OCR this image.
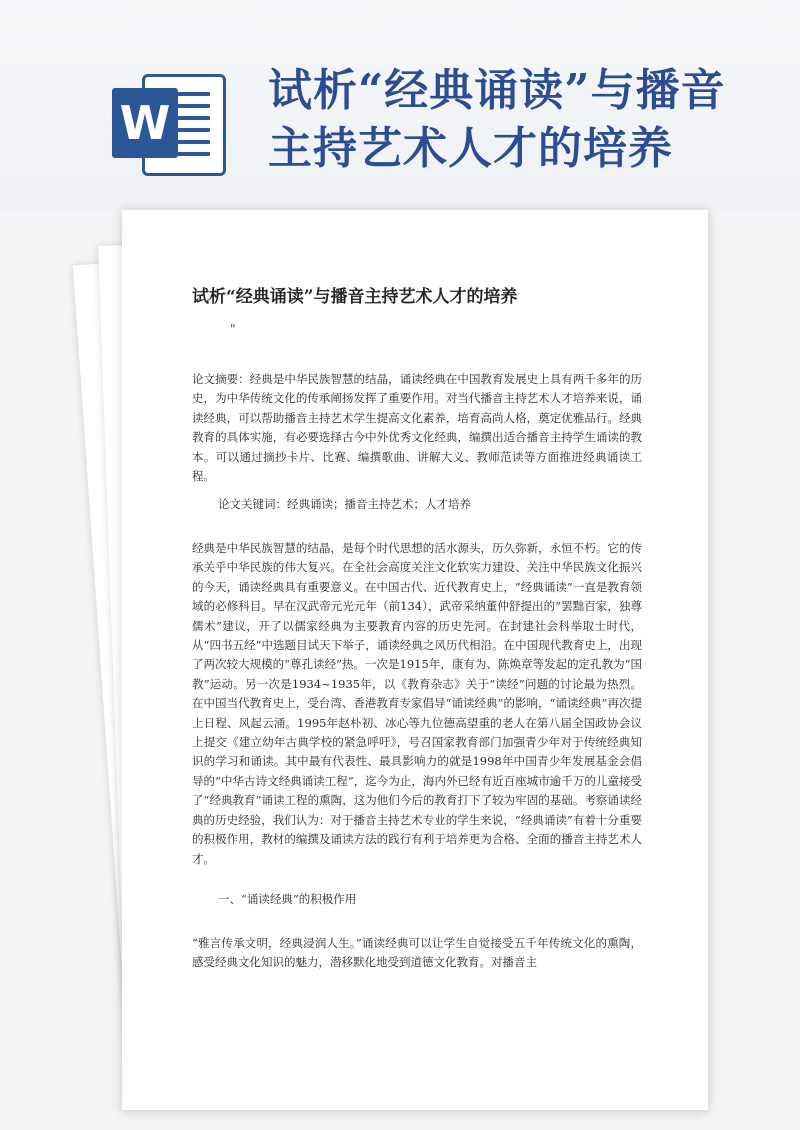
W
试析“经典诵读”与播音主持艺术人才的培养
试析“经典诵读”与播音主持艺术人才的培养
"

论文摘要：经典是中华民族智慧的结晶，诵读经典在中国教育发展史上具有两千多年的历史，为中华传统文化的传承阐扬发挥了重要作用。对当代播音主持艺术人才培养来说，诵读经典，可以帮助播音主持艺术学生提高文化素养，培育高尚人格，奠定优雅品行。经典教育的具体实施，有必要选择古今中外优秀文化经典，编撰出适合播音主持学生诵读的教本。可以通过摘抄卡片、比赛、编撰歌曲、讲解大义、教师范读等方面推进经典诵读工程。

论文关键词：经典诵读；播音主持艺术；人才培养

经典是中华民族智慧的结晶，是每个时代思想的活水源头，历久弥新，永恒不朽。它的传承关乎中华民族的伟大复兴。在全社会高度关注文化软实力建设、关注中华民族文化振兴的今天，诵读经典具有重要意义。在中国古代、近代教育史上，“经典诵读”一直是教育领域的必修科目。早在汉武帝元光元年（前134），武帝采纳董仲舒提出的“罢黜百家，独尊儒术”建议，开了以儒家经典为主要教育内容的历史先河。在封建社会科举取士时代，从“四书五经”中选题目试天下举子，诵读经典之风历代相沿。在中国现代教育史上，出现了两次较大规模的“尊孔读经”热。一次是1915年，康有为、陈焕章等发起的定孔教为“国教”运动。另一次是1934~1935年，以《教育杂志》关于“读经”问题的讨论最为热烈。在中国当代教育史上，受台湾、香港教育专家倡导“诵读经典”的影响，“诵读经典”再次提上日程、风起云涌。1995年赵朴初、冰心等九位德高望重的老人在第八届全国政协会议上提交《建立幼年古典学校的紧急呼吁》，号召国家教育部门加强青少年对于传统经典知识的学习和诵读。其中最有代表性、最具影响力的就是1998年中国青少年发展基金会倡导的“中华古诗文经典诵读工程”，迄今为止，海内外已经有近百座城市逾千万的儿童接受了“经典教育”诵读工程的熏陶，这为他们今后的教育打下了较为牢固的基础。考察诵读经典的历史经验，我们认为：对于播音主持艺术专业的学生来说，“经典诵读”有着十分重要的积极作用，教材的编撰及诵读方法的践行有利于培养更为合格、全面的播音主持艺术人才。

一、“诵读经典”的积极作用

“雅言传承文明，经典浸润人生。”诵读经典可以让学生自觉接受五千年传统文化的熏陶，感受经典文化知识的魅力，潜移默化地受到道德文化教育。对播音主
